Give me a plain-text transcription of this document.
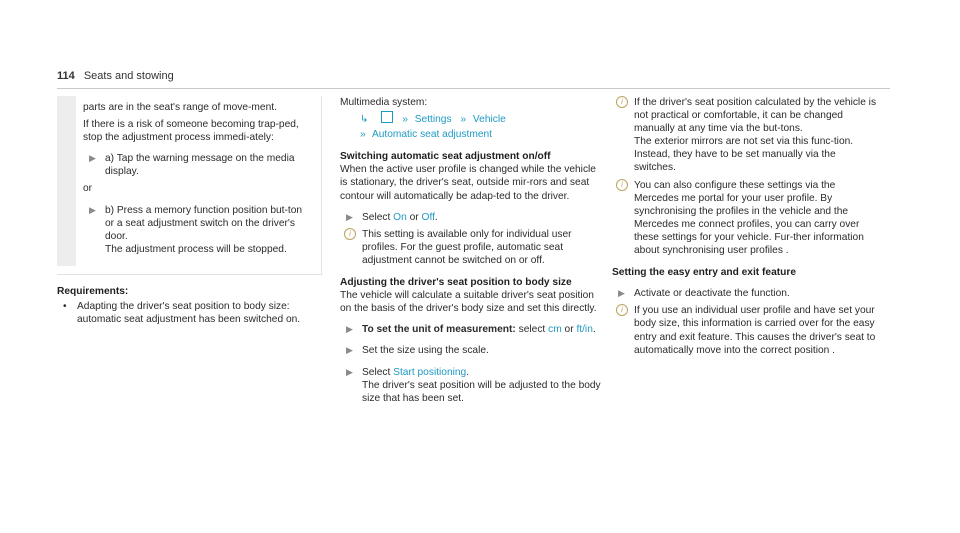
114 Seats and stowing

parts are in the seat's range of move-ment.

If there is a risk of someone becoming trap-ped, stop the adjustment process immedi-ately:

▶ a) Tap the warning message on the media display.

or

▶ b) Press a memory function position but-ton or a seat adjustment switch on the driver's door.
The adjustment process will be stopped.

Requirements:

• Adapting the driver's seat position to body size: automatic seat adjustment has been switched on.

Multimedia system:

↳	» Settings » Vehicle
» Automatic seat adjustment

Switching automatic seat adjustment on/off

When the active user profile is changed while the vehicle is stationary, the driver's seat, outside mir-rors and seat contour will automatically be adap-ted to the driver.

▶ Select On or Off.
i	This setting is available only for individual user profiles. For the guest profile, automatic seat adjustment cannot be switched on or off.

Adjusting the driver's seat position to body size

The vehicle will calculate a suitable driver's seat position on the basis of the driver's body size and set this directly.

▶ To set the unit of measurement: select cm or ft/in.
▶ Set the size using the scale.
▶ Select Start positioning.
The driver's seat position will be adjusted to the body size that has been set.
i	If the driver's seat position calculated by the vehicle is not practical or comfortable, it can be changed manually at any time via the but-tons.
The exterior mirrors are not set via this func-tion. Instead, they have to be set manually via the switches.
i	You can also configure these settings via the Mercedes me portal for your user profile. By synchronising the profiles in the vehicle and the Mercedes me connect profiles, you can carry over these settings for your vehicle. Fur-ther information about synchronising user profiles .

Setting the easy entry and exit feature

▶ Activate or deactivate the function.
i	If you use an individual user profile and have set your body size, this information is carried over for the easy entry and exit feature. This causes the driver's seat to automatically move into the correct position .
